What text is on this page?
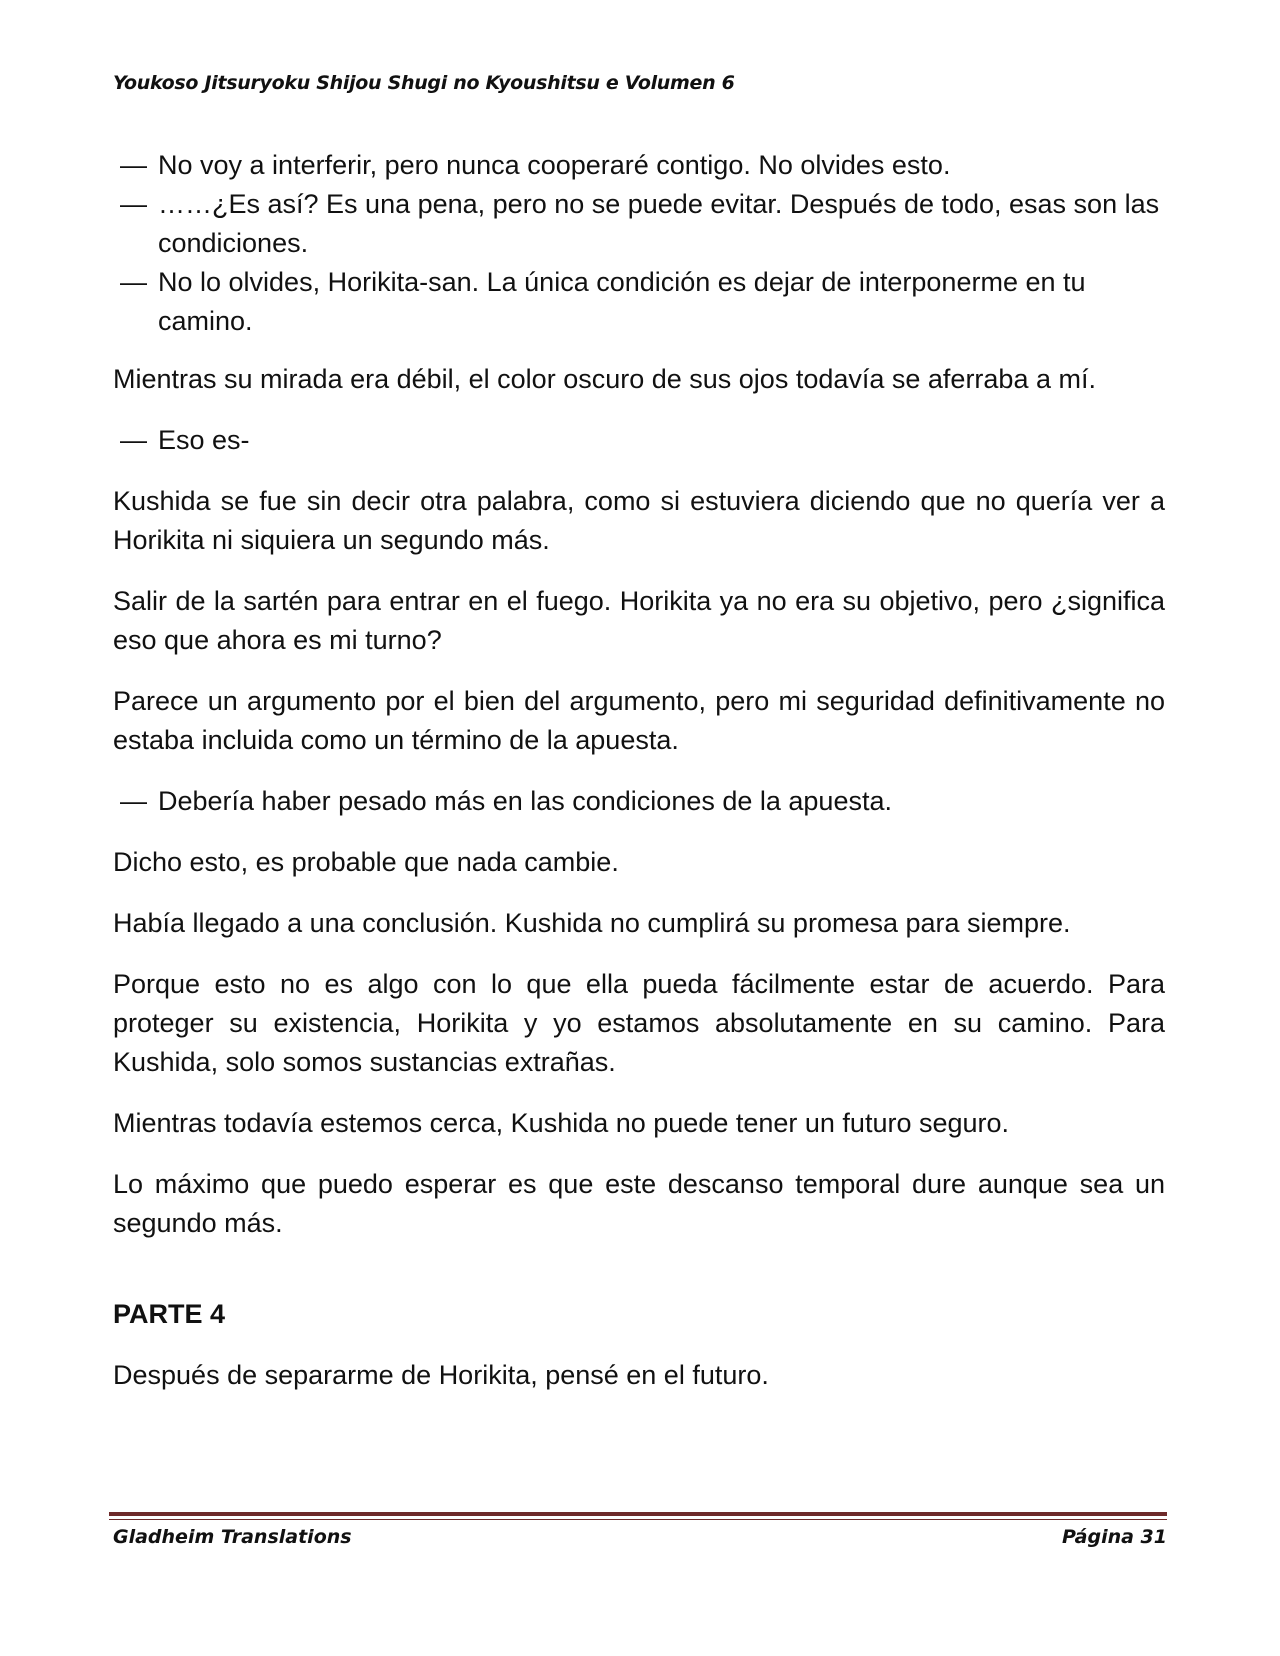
Youkoso Jitsuryoku Shijou Shugi no Kyoushitsu e Volumen 6

— No voy a interferir, pero nunca cooperaré contigo. No olvides esto.

— ……¿Es así? Es una pena, pero no se puede evitar. Después de todo, esas son las condiciones.

— No lo olvides, Horikita-san. La única condición es dejar de interponerme en tu camino.

Mientras su mirada era débil, el color oscuro de sus ojos todavía se aferraba a mí.

— Eso es-

Kushida se fue sin decir otra palabra, como si estuviera diciendo que no quería ver a Horikita ni siquiera un segundo más.

Salir de la sartén para entrar en el fuego. Horikita ya no era su objetivo, pero ¿significa eso que ahora es mi turno?

Parece un argumento por el bien del argumento, pero mi seguridad definitivamente no estaba incluida como un término de la apuesta.

— Debería haber pesado más en las condiciones de la apuesta.

Dicho esto, es probable que nada cambie.

Había llegado a una conclusión. Kushida no cumplirá su promesa para siempre.

Porque esto no es algo con lo que ella pueda fácilmente estar de acuerdo. Para proteger su existencia, Horikita y yo estamos absolutamente en su camino. Para Kushida, solo somos sustancias extrañas.

Mientras todavía estemos cerca, Kushida no puede tener un futuro seguro.

Lo máximo que puedo esperar es que este descanso temporal dure aunque sea un segundo más.

PARTE 4

Después de separarme de Horikita, pensé en el futuro.

Gladheim Translations	Página 31
